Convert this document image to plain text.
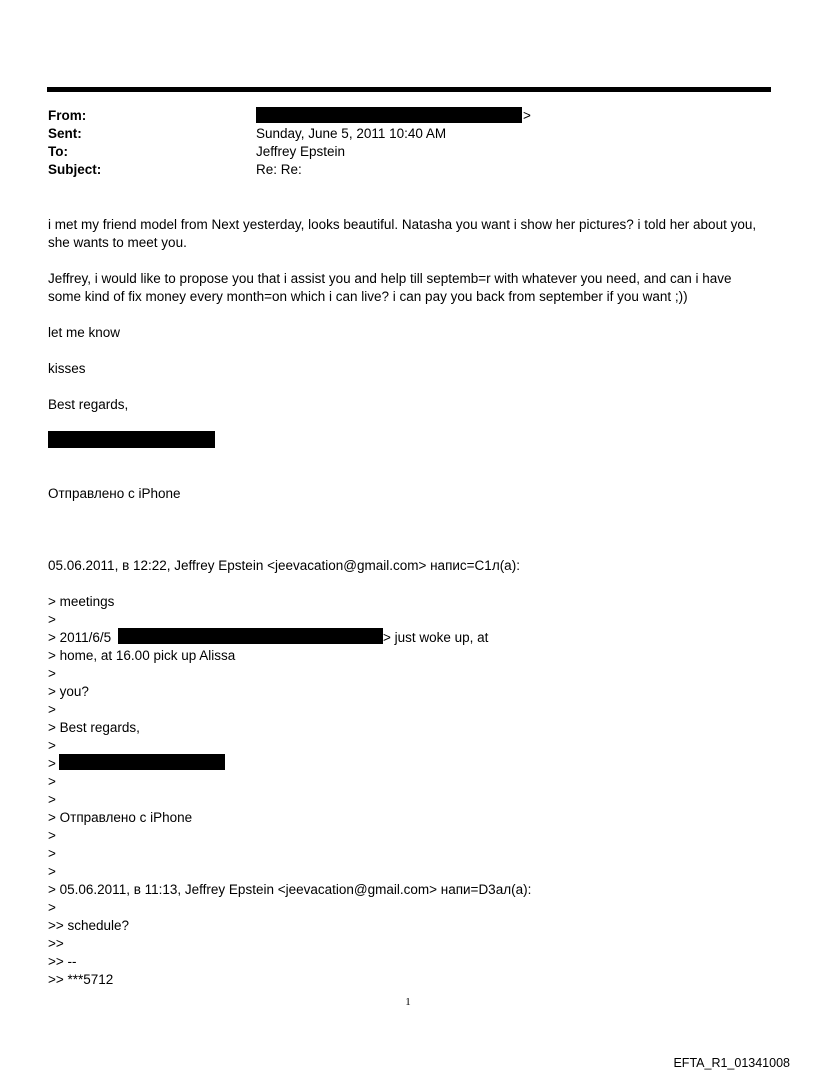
From:	>
Sent:	Sunday, June 5, 2011 10:40 AM
To:	Jeffrey Epstein
Subject:	Re: Re:
i met my friend model from Next yesterday, looks beautiful. Natasha you want i show her pictures? i told her about you,
she wants to meet you.
Jeffrey, i would like to propose you that i assist you and help till septemb=r with whatever you need, and can i have
some kind of fix money every month=on which i can live? i can pay you back from september if you want ;))
let me know
kisses
Best regards,
Отправлено с iPhone
05.06.2011, в 12:22, Jeffrey Epstein <jeevacation@gmail.com> напис=C1л(а):
> meetings
>
> 2011/6/5	> just woke up, at
> home, at 16.00 pick up Alissa
>
> you?
>
> Best regards,
>
>
>
>
> Отправлено с iPhone
>
>
>
> 05.06.2011, в 11:13, Jeffrey Epstein <jeevacation@gmail.com> напи=D3ал(а):
>
>> schedule?
>>
>> --
>> ***5712
1
EFTA_R1_01341008
